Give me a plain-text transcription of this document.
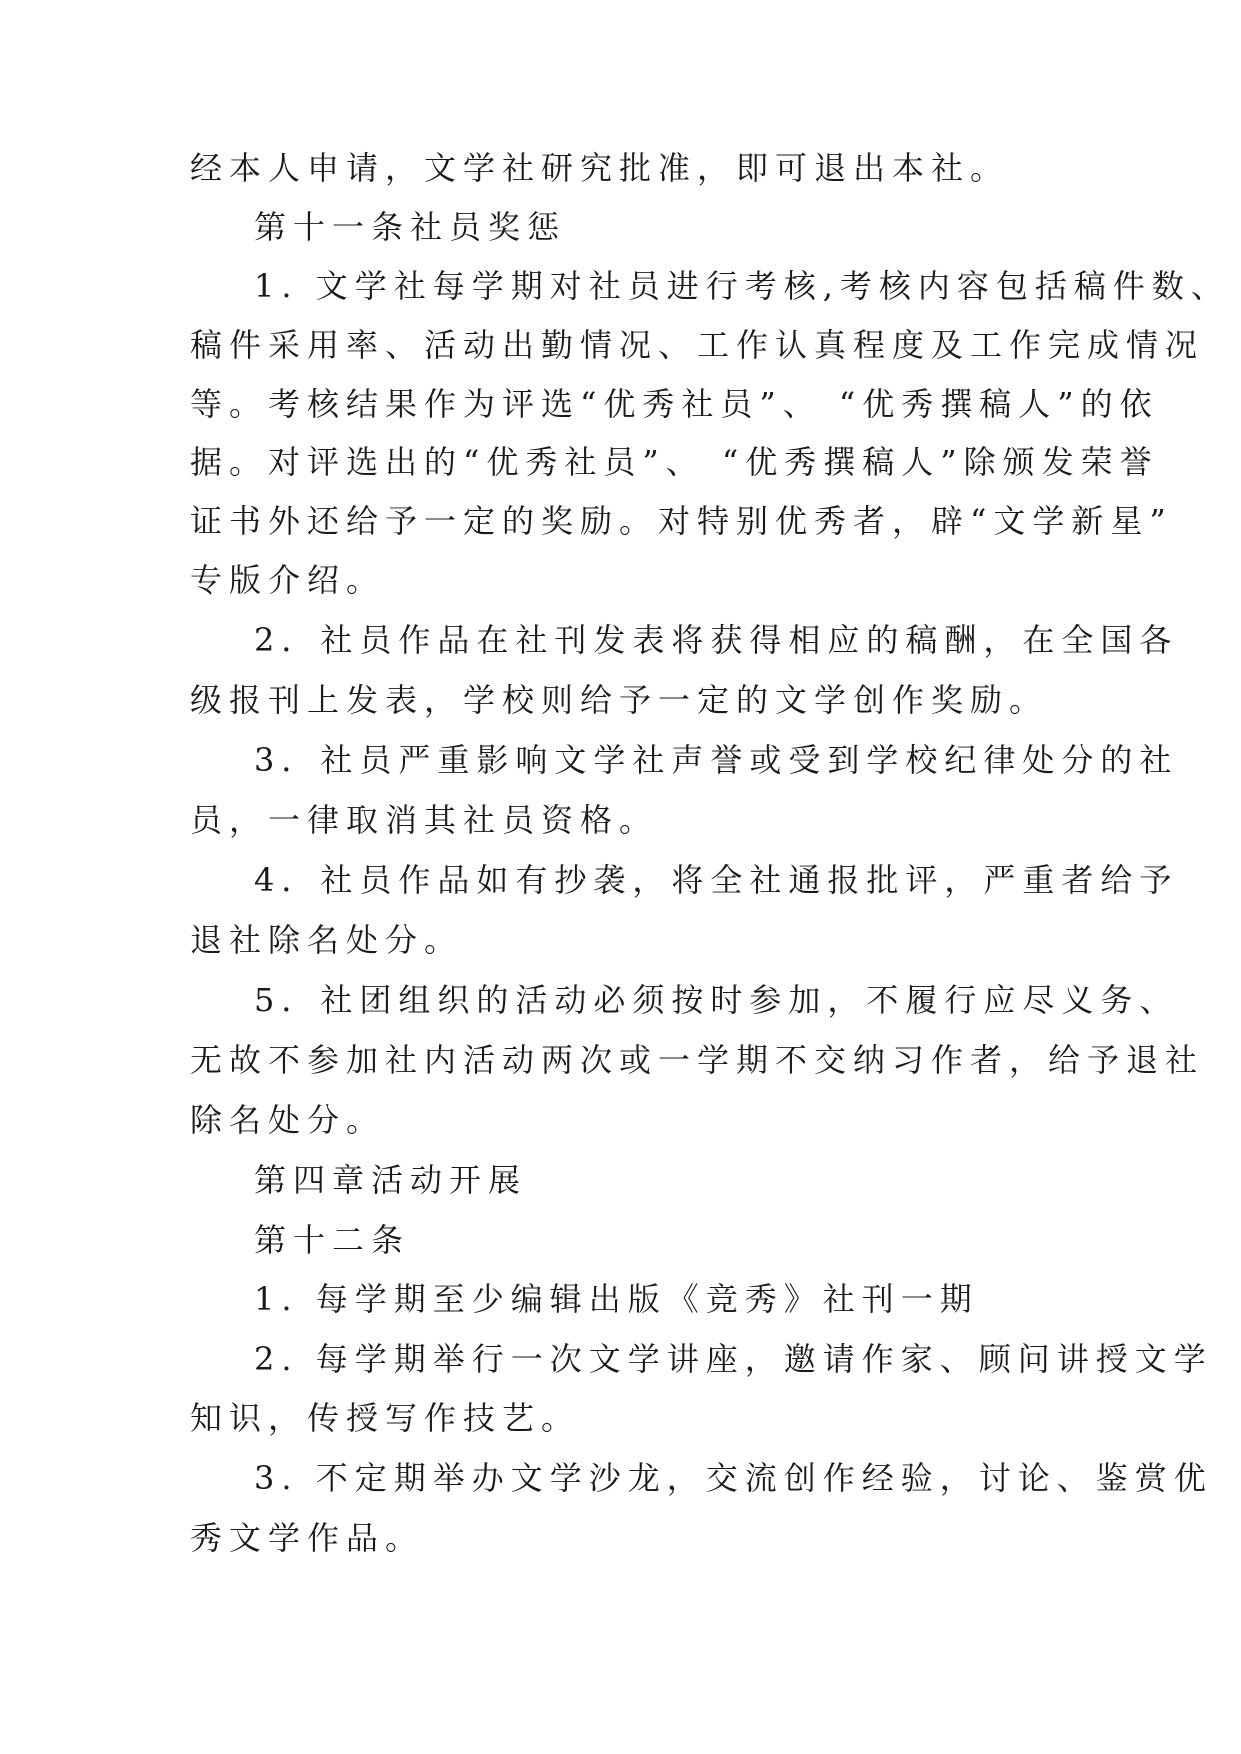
经本人申请，文学社研究批准，即可退出本社。
第十一条社员奖惩
1. 文学社每学期对社员进行考核,考核内容包括稿件数、
稿件采用率、活动出勤情况、工作认真程度及工作完成情况
等。考核结果作为评选“优秀社员”、 “优秀撰稿人”的依
据。对评选出的“优秀社员”、 “优秀撰稿人”除颁发荣誉
证书外还给予一定的奖励。对特别优秀者，辟“文学新星”
专版介绍。
2．社员作品在社刊发表将获得相应的稿酬，在全国各
级报刊上发表，学校则给予一定的文学创作奖励。
3．社员严重影响文学社声誉或受到学校纪律处分的社
员，一律取消其社员资格。
4．社员作品如有抄袭，将全社通报批评，严重者给予
退社除名处分。
5．社团组织的活动必须按时参加，不履行应尽义务、
无故不参加社内活动两次或一学期不交纳习作者，给予退社
除名处分。
第四章活动开展
第十二条
1. 每学期至少编辑出版《竞秀》社刊一期
2. 每学期举行一次文学讲座，邀请作家、顾问讲授文学
知识，传授写作技艺。
3. 不定期举办文学沙龙，交流创作经验，讨论、鉴赏优
秀文学作品。
